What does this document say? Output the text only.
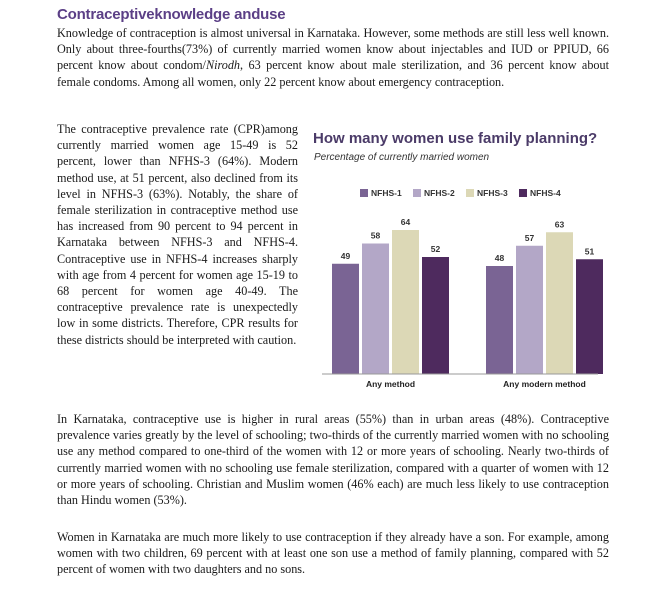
Contraceptiveknowledge anduse

Knowledge of contraception is almost universal in Karnataka. However, some methods are still less well known. Only about three-fourths(73%) of currently married women know about injectables and IUD or PPIUD, 66 percent know about condom/Nirodh, 63 percent know about male sterilization, and 36 percent know about female condoms. Among all women, only 22 percent know about emergency contraception.

The contraceptive prevalence rate (CPR)among currently married women age 15-49 is 52 percent, lower than NFHS-3 (64%). Modern method use, at 51 percent, also declined from its level in NFHS-3 (63%). Notably, the share of female sterilization in contraceptive method use has increased from 90 percent to 94 percent in Karnataka between NFHS-3 and NFHS-4. Contraceptive use in NFHS-4 increases sharply with age from 4 percent for women age 15-19 to 68 percent for women age 40-49. The contraceptive prevalence rate is unexpectedly low in some districts. Therefore, CPR results for these districts should be interpreted with caution.

How many women use family planning?
Percentage of currently married women
NFHS-1	NFHS-2	NFHS-3	NFHS-4
49
58
64
52
Any method
48
57
63
51
Any modern method

In Karnataka, contraceptive use is higher in rural areas (55%) than in urban areas (48%). Contraceptive prevalence varies greatly by the level of schooling; two-thirds of the currently married women with no schooling use any method compared to one-third of the women with 12 or more years of schooling. Nearly two-thirds of currently married women with no schooling use female sterilization, compared with a quarter of women with 12 or more years of schooling. Christian and Muslim women (46% each) are much less likely to use contraception than Hindu women (53%).

Women in Karnataka are much more likely to use contraception if they already have a son. For example, among women with two children, 69 percent with at least one son use a method of family planning, compared with 52 percent of women with two daughters and no sons.
